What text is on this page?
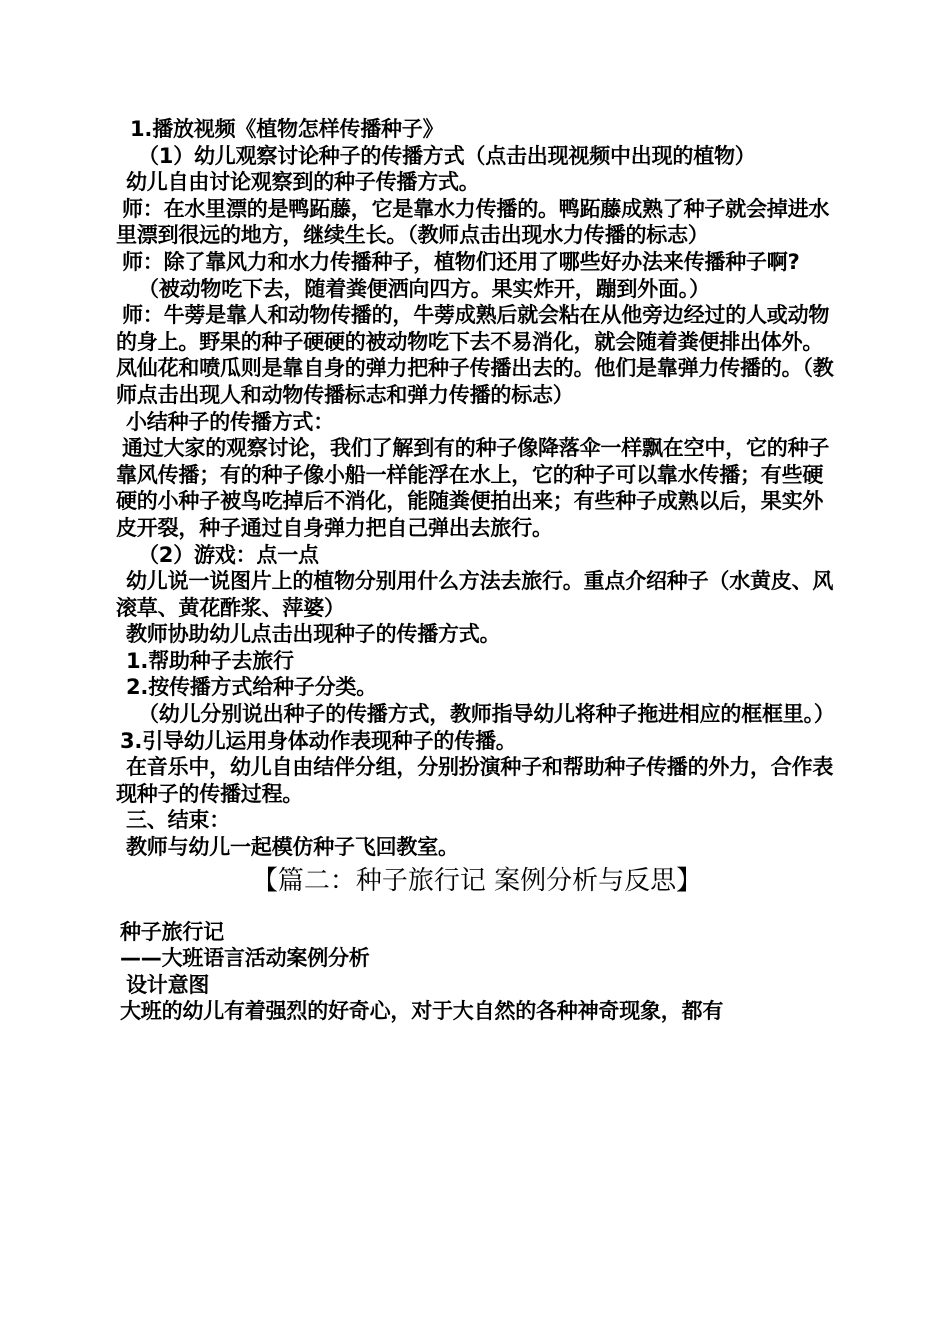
1.播放视频《植物怎样传播种子》

（1）幼儿观察讨论种子的传播方式（点击出现视频中出现的植物）

幼儿自由讨论观察到的种子传播方式。

师：在水里漂的是鸭跖藤，它是靠水力传播的。鸭跖藤成熟了种子就会掉进水里漂到很远的地方，继续生长。（教师点击出现水力传播的标志）

师：除了靠风力和水力传播种子，植物们还用了哪些好办法来传播种子啊?

（被动物吃下去，随着粪便洒向四方。果实炸开，蹦到外面。）

师：牛蒡是靠人和动物传播的，牛蒡成熟后就会粘在从他旁边经过的人或动物的身上。野果的种子硬硬的被动物吃下去不易消化，就会随着粪便排出体外。凤仙花和喷瓜则是靠自身的弹力把种子传播出去的。他们是靠弹力传播的。（教师点击出现人和动物传播标志和弹力传播的标志）

小结种子的传播方式：

通过大家的观察讨论，我们了解到有的种子像降落伞一样飘在空中，它的种子靠风传播；有的种子像小船一样能浮在水上，它的种子可以靠水传播；有些硬硬的小种子被鸟吃掉后不消化，能随粪便拍出来；有些种子成熟以后，果实外皮开裂，种子通过自身弹力把自己弹出去旅行。

（2）游戏：点一点

幼儿说一说图片上的植物分别用什么方法去旅行。重点介绍种子（水黄皮、风滚草、黄花酢浆、萍婆）

教师协助幼儿点击出现种子的传播方式。

1.帮助种子去旅行

2.按传播方式给种子分类。

（幼儿分别说出种子的传播方式，教师指导幼儿将种子拖进相应的框框里。）

3.引导幼儿运用身体动作表现种子的传播。

在音乐中，幼儿自由结伴分组，分别扮演种子和帮助种子传播的外力，合作表现种子的传播过程。

三、结束：

教师与幼儿一起模仿种子飞回教室。

【篇二：种子旅行记 案例分析与反思】

种子旅行记

——大班语言活动案例分析

设计意图

大班的幼儿有着强烈的好奇心，对于大自然的各种神奇现象，都有
